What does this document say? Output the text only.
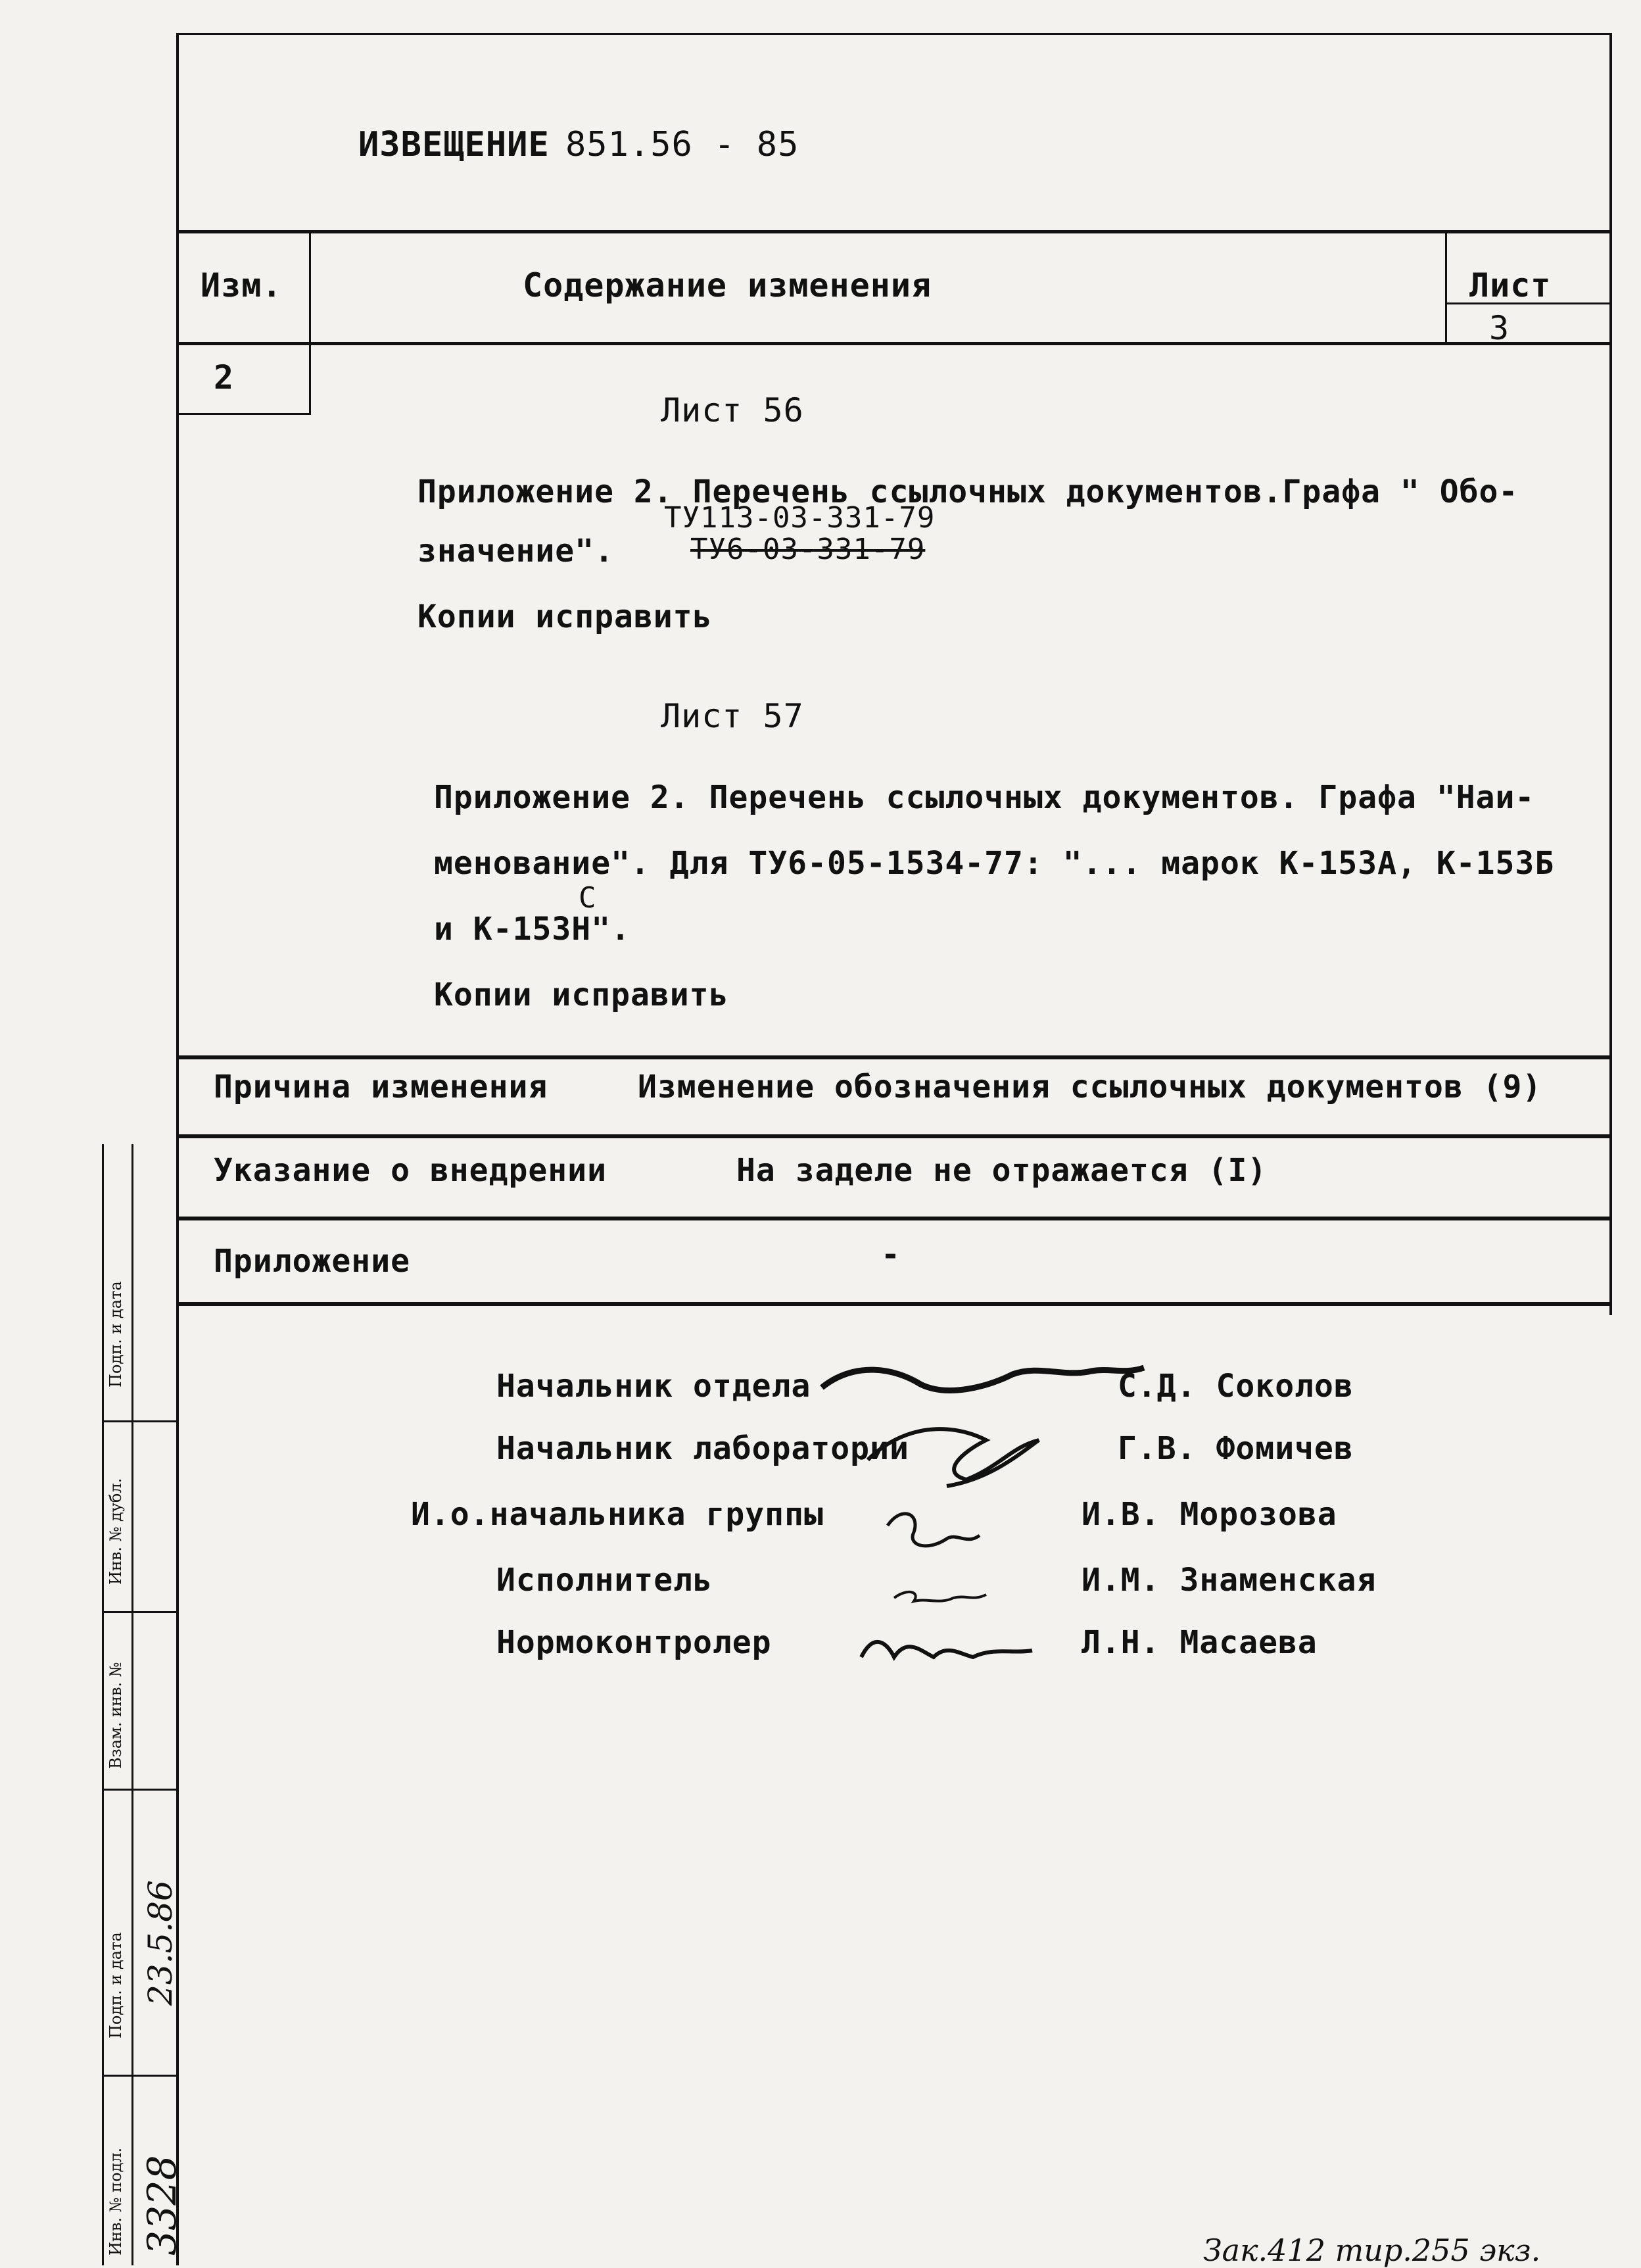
ИЗВЕЩЕНИЕ 851.56 - 85
Изм.	Содержание изменения	Лист
3
2
Лист 56
Приложение 2. Перечень ссылочных документов.Графа " Обо-
ТУ113-03-331-79
значение".	ТУ6-03-331-79
Копии исправить
Лист 57
Приложение 2. Перечень ссылочных документов. Графа "Наи-
менование". Для ТУ6-05-1534-77: "... марок К-153А, К-153Б
С
и К-153Н".
Копии исправить
Причина изменения	Изменение обозначения ссылочных документов (9)
Указание о внедрении	На заделе не отражается (I)
Приложение	-
Начальник отдела	С.Д. Соколов
Начальник лаборатории	Г.В. Фомичев
И.о.начальника группы	И.В. Морозова
Исполнитель	И.М. Знаменская
Нормоконтролер	Л.Н. Масаева
Подп. и дата
Инв. № дубл.
Взам. инв. №
Подп. и дата
Инв. № подл.
23.5.86
3328	Зак.412 тир.255 экз.
